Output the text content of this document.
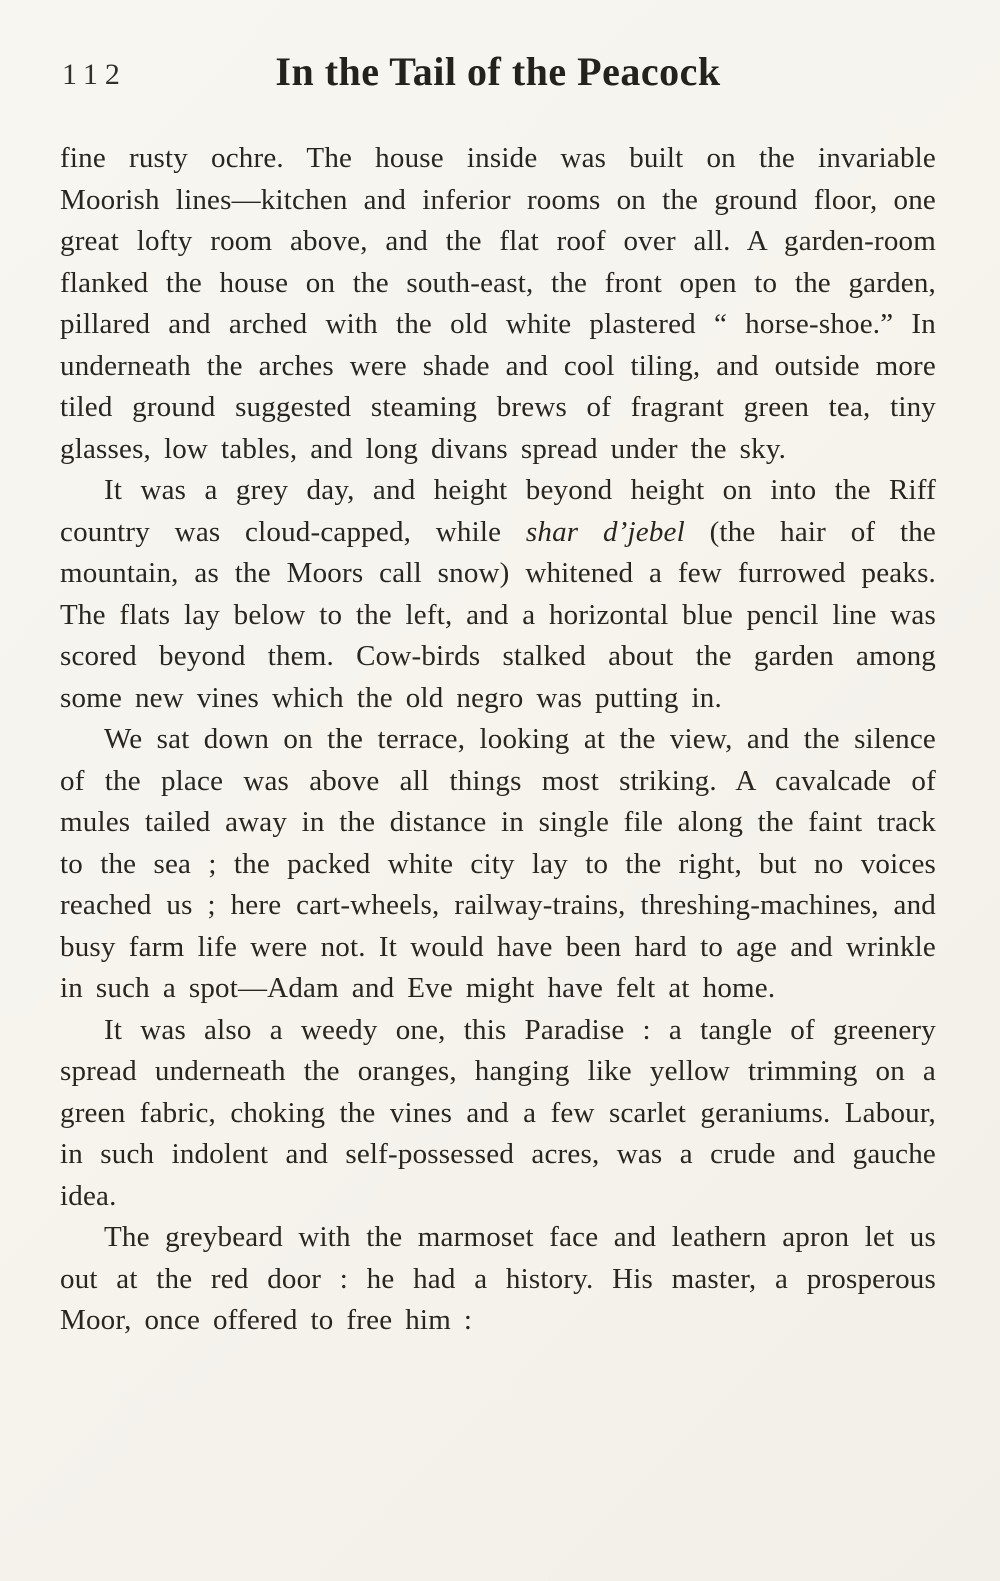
112	In the Tail of the Peacock

fine rusty ochre. The house inside was built on the invariable Moorish lines—kitchen and inferior rooms on the ground floor, one great lofty room above, and the flat roof over all. A garden-room flanked the house on the south-east, the front open to the garden, pillared and arched with the old white plastered “ horse-shoe.” In underneath the arches were shade and cool tiling, and outside more tiled ground suggested steaming brews of fragrant green tea, tiny glasses, low tables, and long divans spread under the sky.

It was a grey day, and height beyond height on into the Riff country was cloud-capped, while shar d’jebel (the hair of the mountain, as the Moors call snow) whitened a few furrowed peaks. The flats lay below to the left, and a horizontal blue pencil line was scored beyond them. Cow-birds stalked about the garden among some new vines which the old negro was putting in.

We sat down on the terrace, looking at the view, and the silence of the place was above all things most striking. A cavalcade of mules tailed away in the distance in single file along the faint track to the sea ; the packed white city lay to the right, but no voices reached us ; here cart-wheels, railway-trains, threshing-machines, and busy farm life were not. It would have been hard to age and wrinkle in such a spot—Adam and Eve might have felt at home.

It was also a weedy one, this Paradise : a tangle of greenery spread underneath the oranges, hanging like yellow trimming on a green fabric, choking the vines and a few scarlet geraniums. Labour, in such indolent and self-possessed acres, was a crude and gauche idea.

The greybeard with the marmoset face and leathern apron let us out at the red door : he had a history. His master, a prosperous Moor, once offered to free him :
